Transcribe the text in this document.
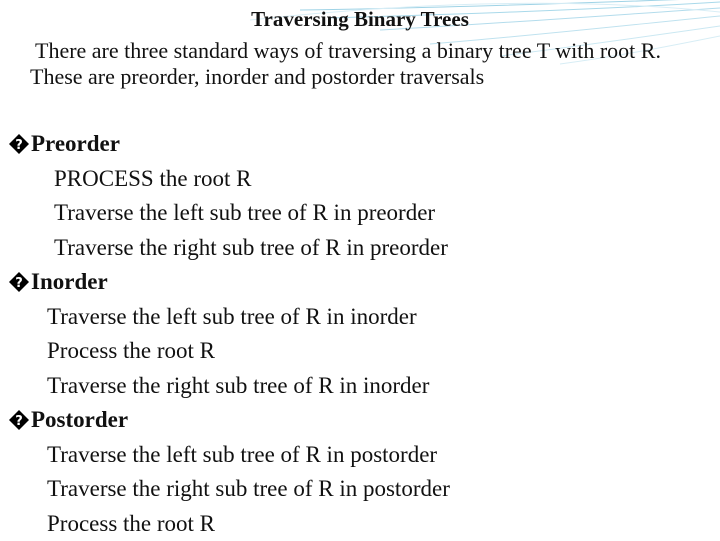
Traversing Binary Trees
There are three standard ways of traversing a binary tree T with root R. These are preorder, inorder and postorder traversals
? Preorder
PROCESS the root R
Traverse the left sub tree of R in preorder
Traverse the right sub tree of R in preorder
? Inorder
Traverse the left sub tree of R in inorder
Process the root R
Traverse the right sub tree of R in inorder
? Postorder
Traverse the left sub tree of R in postorder
Traverse the right sub tree of R in postorder
Process the root R
